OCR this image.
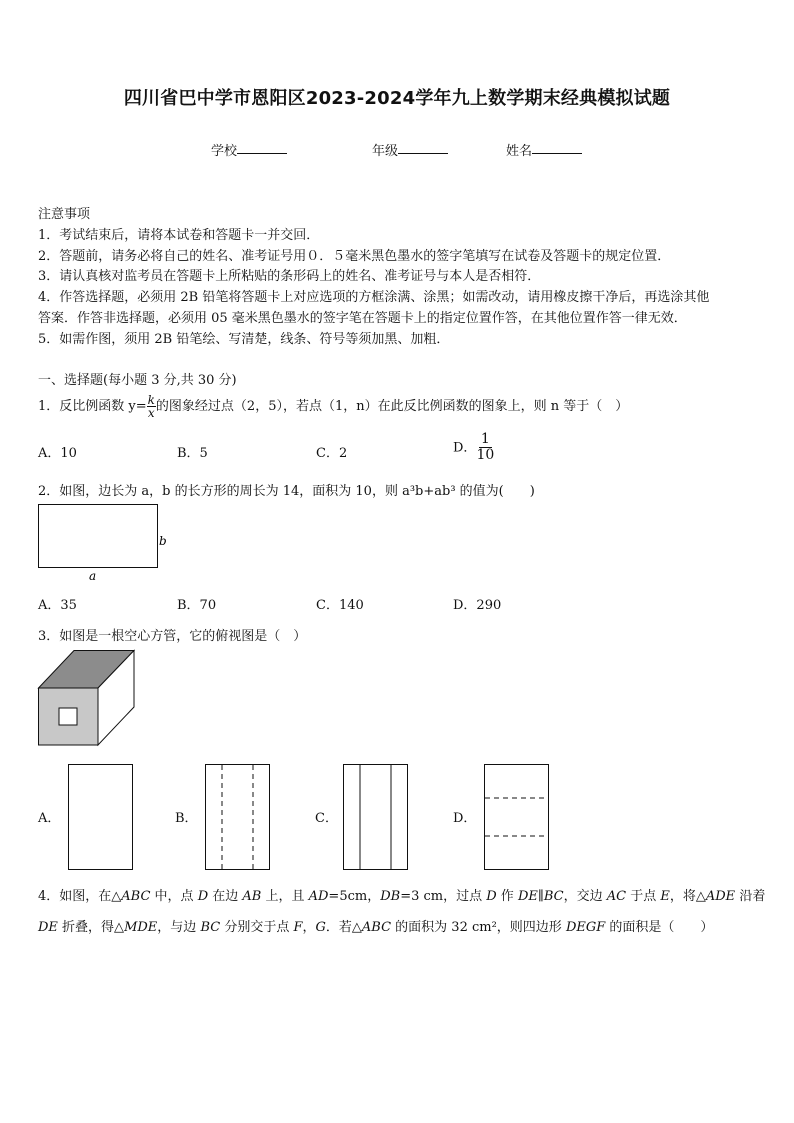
四川省巴中学市恩阳区2023-2024学年九上数学期末经典模拟试题
学校	年级	姓名
注意事项
1．考试结束后，请将本试卷和答题卡一并交回．
2．答题前，请务必将自己的姓名、准考证号用０．５毫米黑色墨水的签字笔填写在试卷及答题卡的规定位置．
3．请认真核对监考员在答题卡上所粘贴的条形码上的姓名、准考证号与本人是否相符．
4．作答选择题，必须用 2B 铅笔将答题卡上对应选项的方框涂满、涂黑；如需改动，请用橡皮擦干净后，再选涂其他
答案．作答非选择题，必须用 05 毫米黑色墨水的签字笔在答题卡上的指定位置作答，在其他位置作答一律无效．
5．如需作图，须用 2B 铅笔绘、写清楚，线条、符号等须加黑、加粗．
一、选择题(每小题 3 分,共 30 分)
1．反比例函数 $y= \frac{k}{x}$ 的图象经过点（2，5），若点（1，n）在此反比例函数的图象上，则 n 等于（　）
A．10	B．5	C．2	D． $\frac{1}{10}$
2．如图，边长为 a，b 的长方形的周长为 14，面积为 10，则 a³b+ab³ 的值为(　　)
b
a
A．35	B．70	C．140	D．290
3．如图是一根空心方管，它的俯视图是（　）
A．	B．	C．	D．
4．如图，在△ABC 中，点 D 在边 AB 上，且 AD=5cm，DB=3 cm，过点 D 作 DE∥BC，交边 AC 于点 E，将△ADE 沿着
DE 折叠，得△MDE，与边 BC 分别交于点 F，G．若△ABC 的面积为 32 cm²，则四边形 DEGF 的面积是（　　）
